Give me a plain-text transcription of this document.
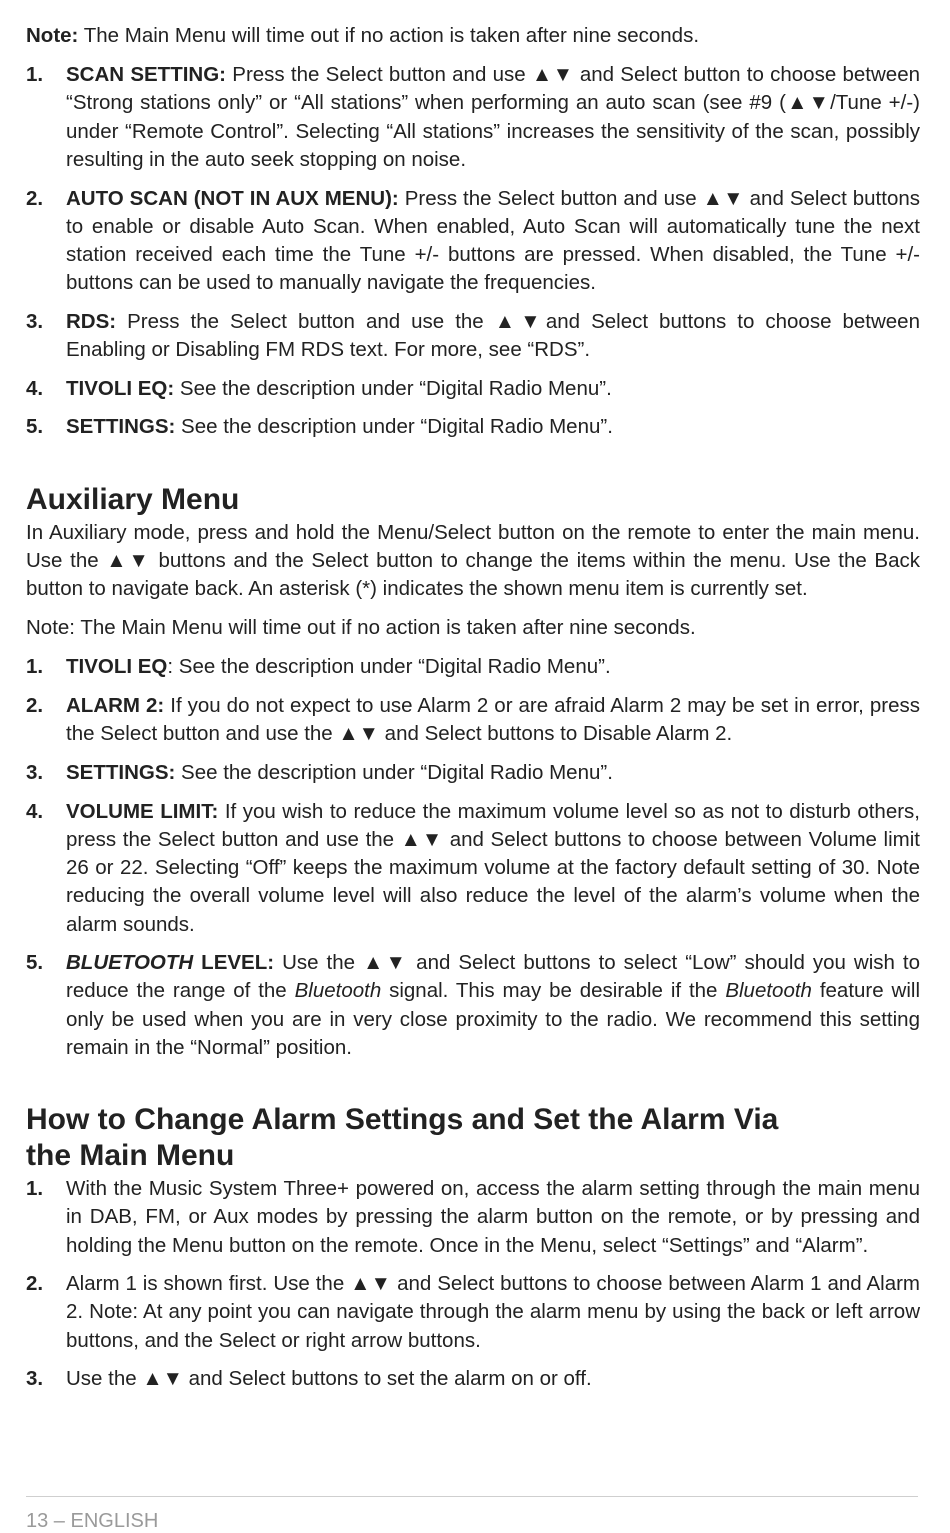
Note: The Main Menu will time out if no action is taken after nine seconds.

1. SCAN SETTING: Press the Select button and use ▲▼ and Select button to choose between “Strong stations only” or “All stations” when performing an auto scan (see #9 (▲▼/Tune +/-) under “Remote Control”. Selecting “All stations” increases the sensitivity of the scan, possibly resulting in the auto seek stopping on noise.
2. AUTO SCAN (NOT IN AUX MENU): Press the Select button and use ▲▼ and Select buttons to enable or disable Auto Scan. When enabled, Auto Scan will automatically tune the next station received each time the Tune +/- buttons are pressed. When disabled, the Tune +/- buttons can be used to manually navigate the frequencies.
3. RDS: Press the Select button and use the ▲▼and Select buttons to choose between Enabling or Disabling FM RDS text. For more, see “RDS”.
4. TIVOLI EQ: See the description under “Digital Radio Menu”.
5. SETTINGS: See the description under “Digital Radio Menu”.
Auxiliary Menu

In Auxiliary mode, press and hold the Menu/Select button on the remote to enter the main menu. Use the ▲▼ buttons and the Select button to change the items within the menu. Use the Back button to navigate back. An asterisk (*) indicates the shown menu item is currently set.

Note: The Main Menu will time out if no action is taken after nine seconds.

1. TIVOLI EQ: See the description under “Digital Radio Menu”.
2. ALARM 2: If you do not expect to use Alarm 2 or are afraid Alarm 2 may be set in error, press the Select button and use the ▲▼ and Select buttons to Disable Alarm 2.
3. SETTINGS: See the description under “Digital Radio Menu”.
4. VOLUME LIMIT: If you wish to reduce the maximum volume level so as not to disturb others, press the Select button and use the ▲▼ and Select buttons to choose between Volume limit 26 or 22. Selecting “Off” keeps the maximum volume at the factory default setting of 30. Note reducing the overall volume level will also reduce the level of the alarm’s volume when the alarm sounds.
5. BLUETOOTH LEVEL: Use the ▲▼ and Select buttons to select “Low” should you wish to reduce the range of the Bluetooth signal. This may be desirable if the Bluetooth feature will only be used when you are in very close proximity to the radio. We recommend this setting remain in the “Normal” position.
How to Change Alarm Settings and Set the Alarm Via
the Main Menu
1. With the Music System Three+ powered on, access the alarm setting through the main menu in DAB, FM, or Aux modes by pressing the alarm button on the remote, or by pressing and holding the Menu button on the remote. Once in the Menu, select “Settings” and “Alarm”.
2. Alarm 1 is shown first. Use the ▲▼ and Select buttons to choose between Alarm 1 and Alarm 2. Note: At any point you can navigate through the alarm menu by using the back or left arrow buttons, and the Select or right arrow buttons.
3. Use the ▲▼ and Select buttons to set the alarm on or off.
13 – ENGLISH
